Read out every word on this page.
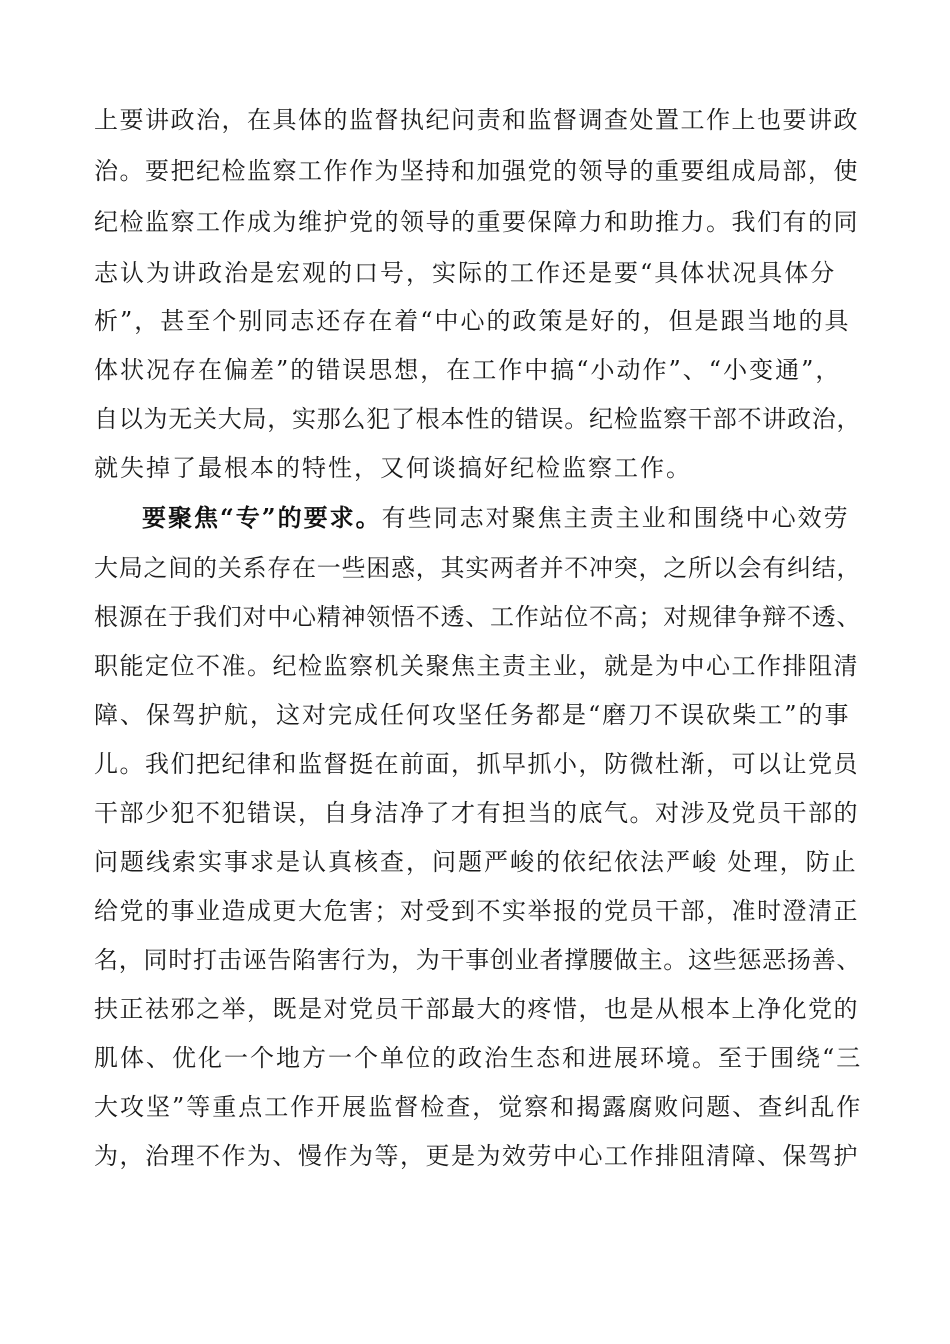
上要讲政治，在具体的监督执纪问责和监督调查处置工作上也要讲政
治。要把纪检监察工作作为坚持和加强党的领导的重要组成局部，使
纪检监察工作成为维护党的领导的重要保障力和助推力。我们有的同
志认为讲政治是宏观的口号，实际的工作还是要“具体状况具体分
析”，甚至个别同志还存在着“中心的政策是好的，但是跟当地的具
体状况存在偏差”的错误思想，在工作中搞“小动作”、“小变通”，
自以为无关大局，实那么犯了根本性的错误。纪检监察干部不讲政治，
就失掉了最根本的特性，又何谈搞好纪检监察工作。
要聚焦“专”的要求。有些同志对聚焦主责主业和围绕中心效劳
大局之间的关系存在一些困惑，其实两者并不冲突，之所以会有纠结，
根源在于我们对中心精神领悟不透、工作站位不高；对规律争辩不透、
职能定位不准。纪检监察机关聚焦主责主业，就是为中心工作排阻清
障、保驾护航，这对完成任何攻坚任务都是“磨刀不误砍柴工”的事
儿。我们把纪律和监督挺在前面，抓早抓小，防微杜渐，可以让党员
干部少犯不犯错误，自身洁净了才有担当的底气。对涉及党员干部的
问题线索实事求是认真核查，问题严峻的依纪依法严峻 处理，防止
给党的事业造成更大危害；对受到不实举报的党员干部，准时澄清正
名，同时打击诬告陷害行为，为干事创业者撑腰做主。这些惩恶扬善、
扶正祛邪之举，既是对党员干部最大的疼惜，也是从根本上净化党的
肌体、优化一个地方一个单位的政治生态和进展环境。至于围绕“三
大攻坚”等重点工作开展监督检查，觉察和揭露腐败问题、查纠乱作
为，治理不作为、慢作为等，更是为效劳中心工作排阻清障、保驾护
